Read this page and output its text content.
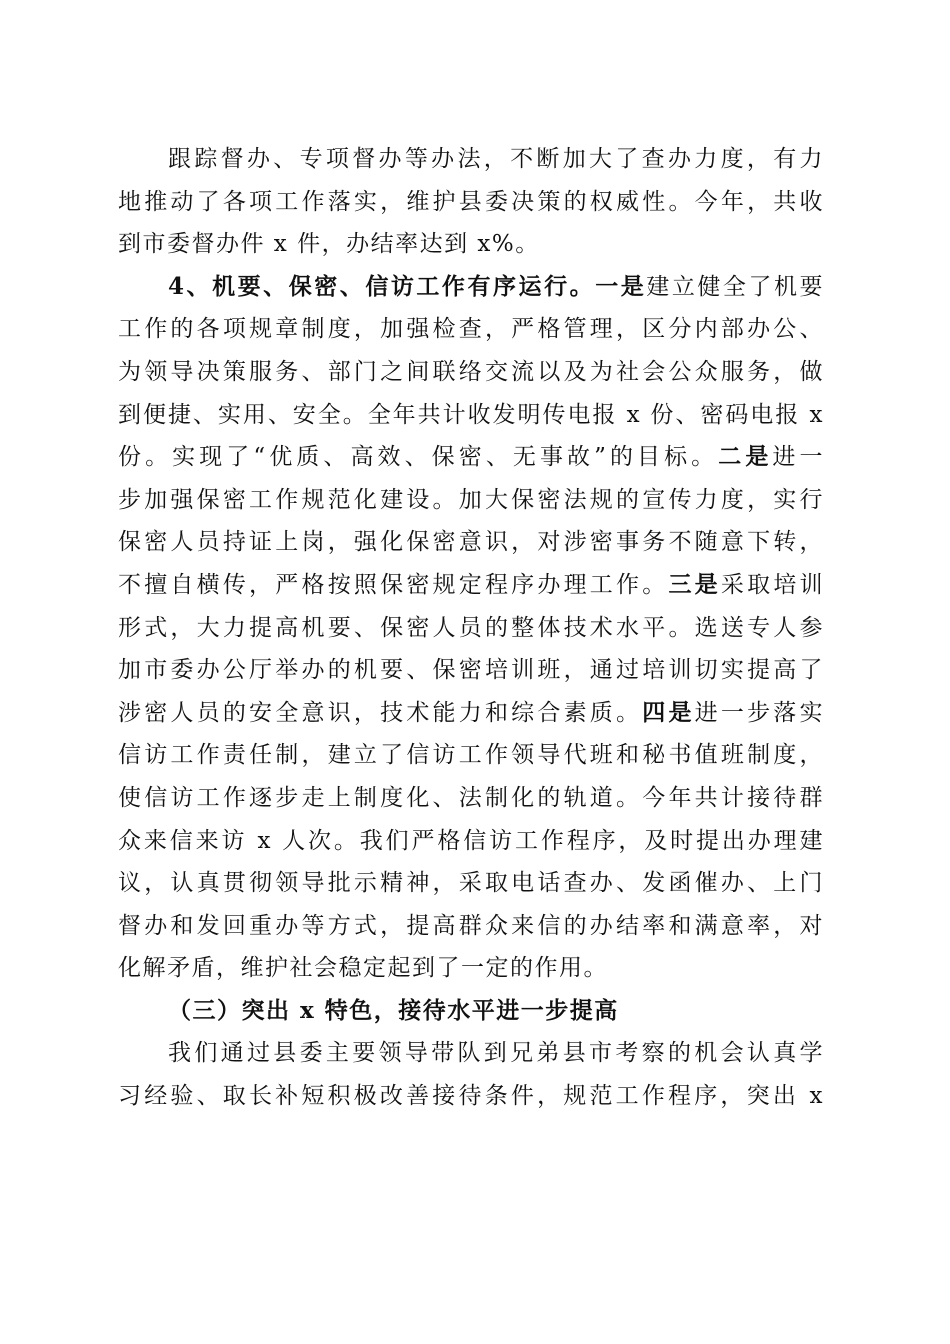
跟踪督办、专项督办等办法，不断加大了查办力度，有力
地推动了各项工作落实，维护县委决策的权威性。今年，共收
到市委督办件 x 件，办结率达到 x%。
4、机要、保密、信访工作有序运行。一是建立健全了机要
工作的各项规章制度，加强检查，严格管理，区分内部办公、
为领导决策服务、部门之间联络交流以及为社会公众服务，做
到便捷、实用、安全。全年共计收发明传电报 x 份、密码电报 x
份。实现了“优质、高效、保密、无事故”的目标。二是进一
步加强保密工作规范化建设。加大保密法规的宣传力度，实行
保密人员持证上岗，强化保密意识，对涉密事务不随意下转，
不擅自横传，严格按照保密规定程序办理工作。三是采取培训
形式，大力提高机要、保密人员的整体技术水平。选送专人参
加市委办公厅举办的机要、保密培训班，通过培训切实提高了
涉密人员的安全意识，技术能力和综合素质。四是进一步落实
信访工作责任制，建立了信访工作领导代班和秘书值班制度，
使信访工作逐步走上制度化、法制化的轨道。今年共计接待群
众来信来访 x 人次。我们严格信访工作程序，及时提出办理建
议，认真贯彻领导批示精神，采取电话查办、发函催办、上门
督办和发回重办等方式，提高群众来信的办结率和满意率，对
化解矛盾，维护社会稳定起到了一定的作用。
（三）突出 x 特色，接待水平进一步提高
我们通过县委主要领导带队到兄弟县市考察的机会认真学
习经验、取长补短积极改善接待条件，规范工作程序，突出 x
